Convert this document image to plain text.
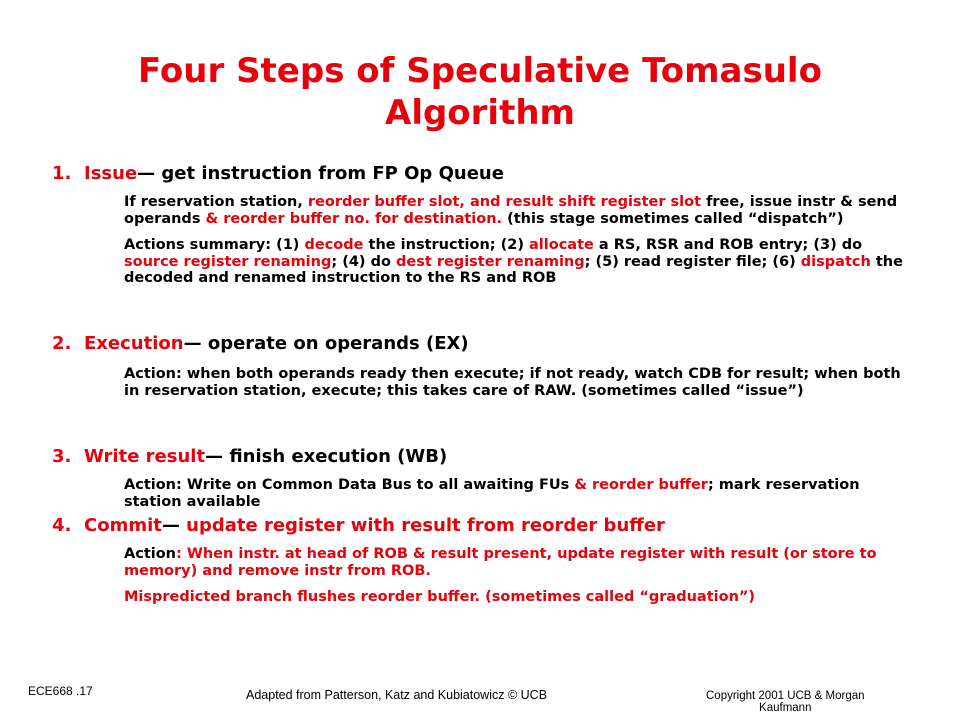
Four Steps of Speculative Tomasulo
Algorithm
1. Issue— get instruction from FP Op Queue
If reservation station, reorder buffer slot, and result shift register slot free, issue instr & send operands & reorder buffer no. for destination. (this stage sometimes called “dispatch”)
Actions summary: (1) decode the instruction; (2) allocate a RS, RSR and ROB entry; (3) do source register renaming; (4) do dest register renaming; (5) read register file; (6) dispatch the decoded and renamed instruction to the RS and ROB
2. Execution— operate on operands (EX)
Action: when both operands ready then execute; if not ready, watch CDB for result; when both in reservation station, execute; this takes care of RAW. (sometimes called “issue”)
3. Write result— finish execution (WB)
Action: Write on Common Data Bus to all awaiting FUs & reorder buffer; mark reservation station available
4. Commit— update register with result from reorder buffer
Action: When instr. at head of ROB & result present, update register with result (or store to memory) and remove instr from ROB.
Mispredicted branch flushes reorder buffer. (sometimes called “graduation”)
ECE668 .17	Adapted from Patterson, Katz and Kubiatowicz © UCB	Copyright 2001 UCB & Morgan
Kaufmann
